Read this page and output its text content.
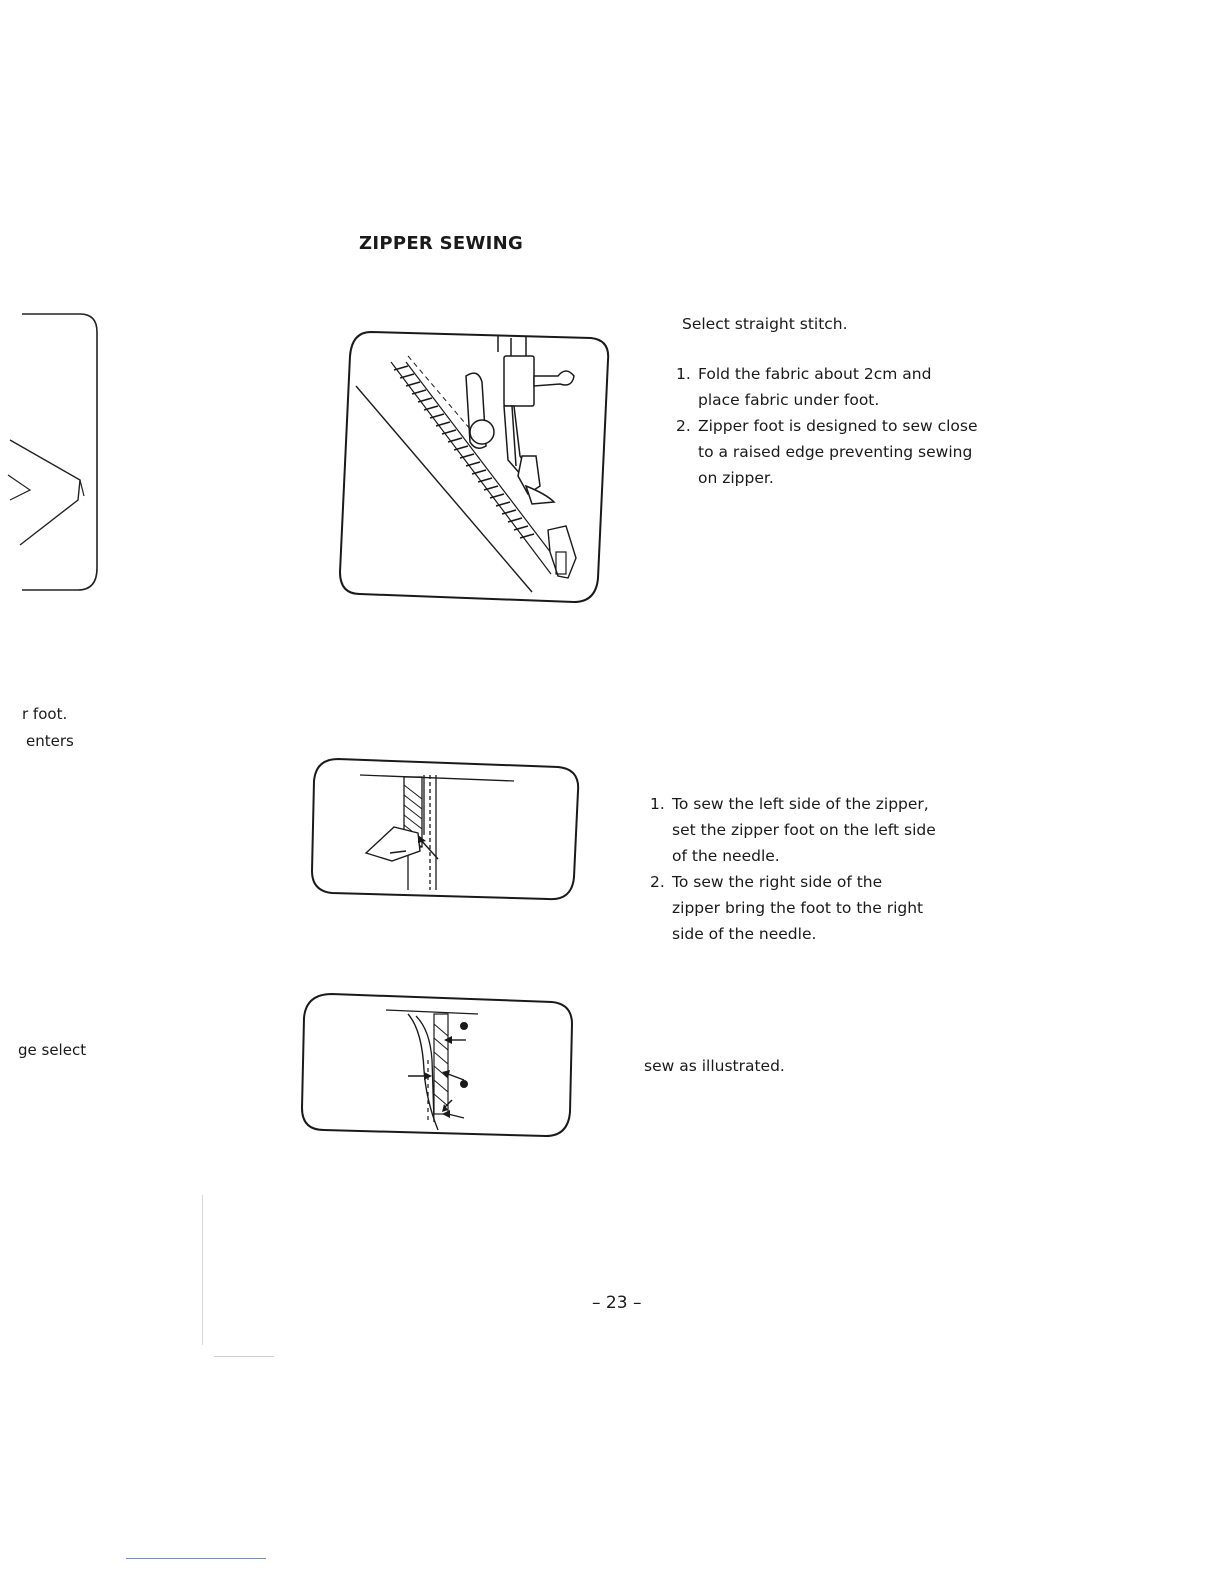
r foot.
enters
ge select
ZIPPER SEWING
Select straight stitch.
1. Fold the fabric about 2cm and
place fabric under foot.
2. Zipper foot is designed to sew close
to a raised edge preventing sewing
on zipper.
1. To sew the left side of the zipper,
set the zipper foot on the left side
of the needle.
2. To sew the right side of the
zipper bring the foot to the right
side of the needle.
sew as illustrated.
– 23 –
